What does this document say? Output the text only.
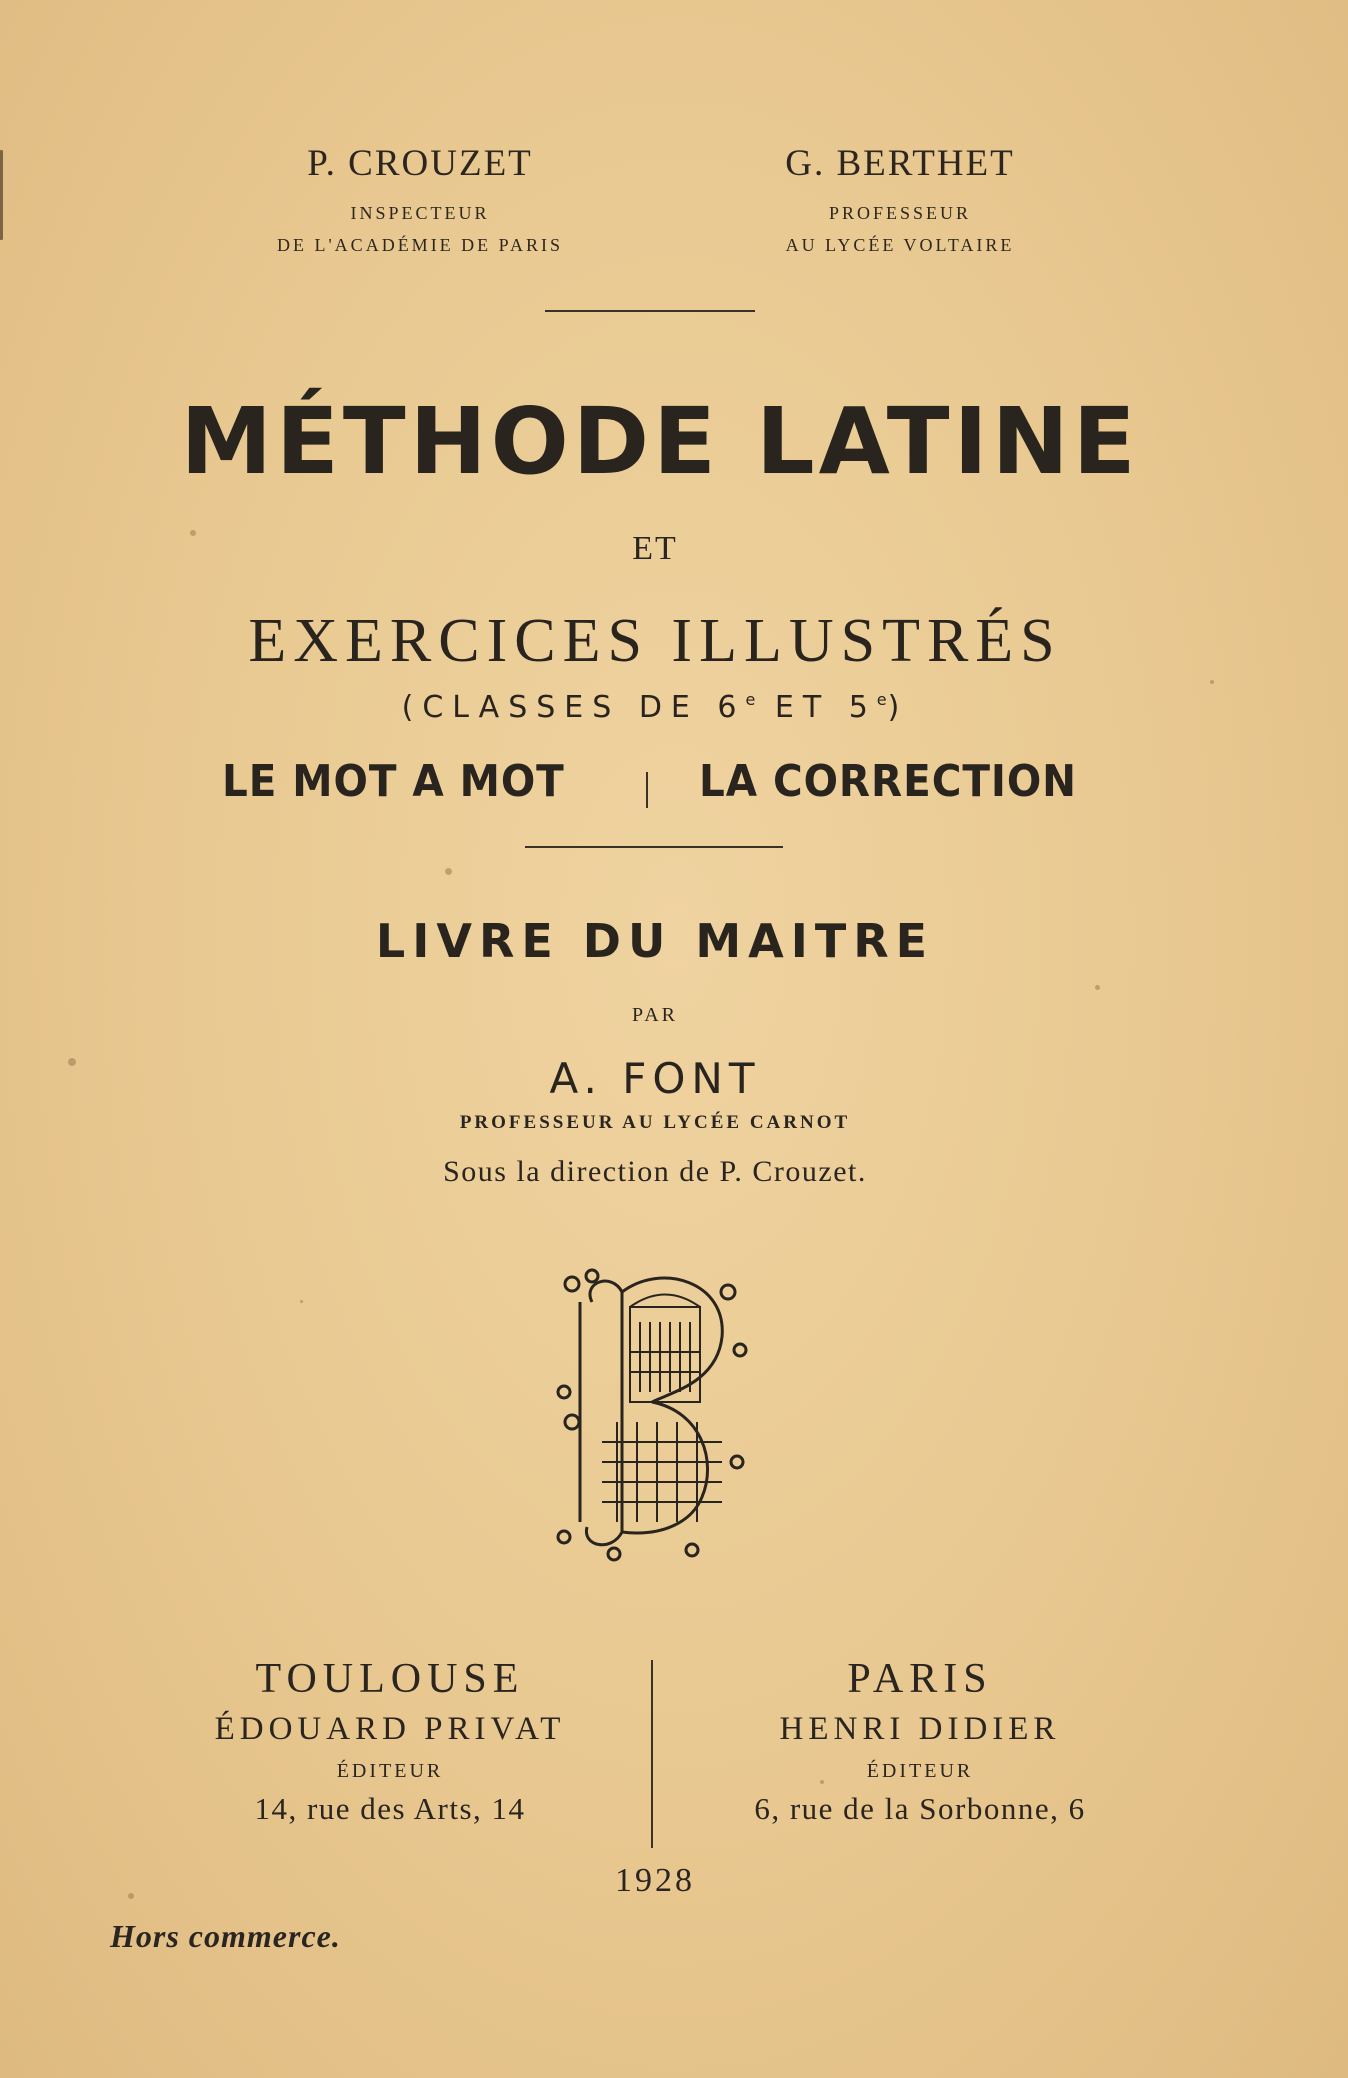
P. CROUZET
INSPECTEUR
DE L'ACADÉMIE DE PARIS
G. BERTHET
PROFESSEUR
AU LYCÉE VOLTAIRE
MÉTHODE LATINE
ET
EXERCICES ILLUSTRÉS
(CLASSES DE 6e ET 5e)
LE MOT A MOT	LA CORRECTION
LIVRE DU MAITRE
PAR
A. FONT
PROFESSEUR AU LYCÉE CARNOT
Sous la direction de P. Crouzet.
TOULOUSE
ÉDOUARD PRIVAT
ÉDITEUR
14, rue des Arts, 14
PARIS
HENRI DIDIER
ÉDITEUR
6, rue de la Sorbonne, 6
1928
Hors commerce.
